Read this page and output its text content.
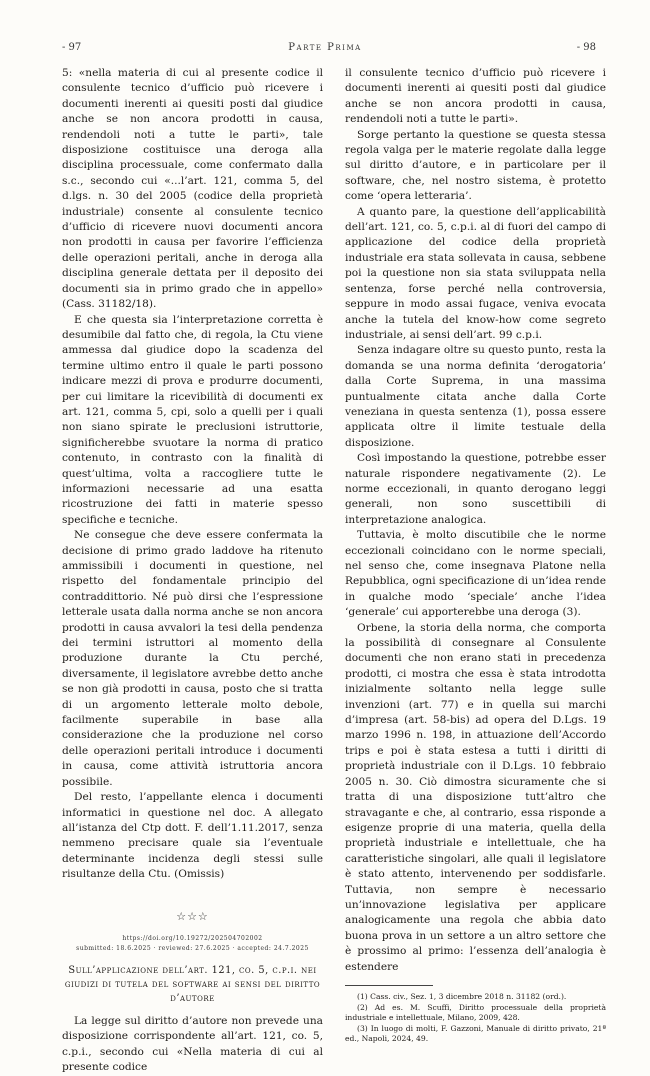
- 97	Parte Prima	- 98

5: «nella materia di cui al presente codice il consulente tecnico d’ufficio può ricevere i documenti inerenti ai quesiti posti dal giudice anche se non ancora prodotti in causa, rendendoli noti a tutte le parti», tale disposizione costituisce una deroga alla disciplina processuale, come confermato dalla s.c., secondo cui «...l’art. 121, comma 5, del d.lgs. n. 30 del 2005 (codice della proprietà industriale) consente al consulente tecnico d’ufficio di ricevere nuovi documenti ancora non prodotti in causa per favorire l’efficienza delle operazioni peritali, anche in deroga alla disciplina generale dettata per il deposito dei documenti sia in primo grado che in appello» (Cass. 31182/18).

E che questa sia l’interpretazione corretta è desumibile dal fatto che, di regola, la Ctu viene ammessa dal giudice dopo la scadenza del termine ultimo entro il quale le parti possono indicare mezzi di prova e produrre documenti, per cui limitare la ricevibilità di documenti ex art. 121, comma 5, cpi, solo a quelli per i quali non siano spirate le preclusioni istruttorie, significherebbe svuotare la norma di pratico contenuto, in contrasto con la finalità di quest’ultima, volta a raccogliere tutte le informazioni necessarie ad una esatta ricostruzione dei fatti in materie spesso specifiche e tecniche.

Ne consegue che deve essere confermata la decisione di primo grado laddove ha ritenuto ammissibili i documenti in questione, nel rispetto del fondamentale principio del contraddittorio. Né può dirsi che l’espressione letterale usata dalla norma anche se non ancora prodotti in causa avvalori la tesi della pendenza dei termini istruttori al momento della produzione durante la Ctu perché, diversamente, il legislatore avrebbe detto anche se non già prodotti in causa, posto che si tratta di un argomento letterale molto debole, facilmente superabile in base alla considerazione che la produzione nel corso delle operazioni peritali introduce i documenti in causa, come attività istruttoria ancora possibile.

Del resto, l’appellante elenca i documenti informatici in questione nel doc. A allegato all’istanza del Ctp dott. F. dell’1.11.2017, senza nemmeno precisare quale sia l’eventuale determinante incidenza degli stessi sulle risultanze della Ctu. (Omissis)

☆☆☆
https://doi.org/10.19272/202504702002
submitted: 18.6.2025 · reviewed: 27.6.2025 · accepted: 24.7.2025
Sull’applicazione dell’art. 121, co. 5, c.p.i. nei giudizi di tutela del software ai sensi del diritto d’autore

La legge sul diritto d’autore non prevede una disposizione corrispondente all’art. 121, co. 5, c.p.i., secondo cui «Nella materia di cui al presente codice

il consulente tecnico d’ufficio può ricevere i documenti inerenti ai quesiti posti dal giudice anche se non ancora prodotti in causa, rendendoli noti a tutte le parti».

Sorge pertanto la questione se questa stessa regola valga per le materie regolate dalla legge sul diritto d’autore, e in particolare per il software, che, nel nostro sistema, è protetto come ‘opera letteraria’.

A quanto pare, la questione dell’applicabilità dell’art. 121, co. 5, c.p.i. al di fuori del campo di applicazione del codice della proprietà industriale era stata sollevata in causa, sebbene poi la questione non sia stata sviluppata nella sentenza, forse perché nella controversia, seppure in modo assai fugace, veniva evocata anche la tutela del know-how come segreto industriale, ai sensi dell’art. 99 c.p.i.

Senza indagare oltre su questo punto, resta la domanda se una norma definita ‘derogatoria’ dalla Corte Suprema, in una massima puntualmente citata anche dalla Corte veneziana in questa sentenza (1), possa essere applicata oltre il limite testuale della disposizione.

Così impostando la questione, potrebbe esser naturale rispondere negativamente (2). Le norme eccezionali, in quanto derogano leggi generali, non sono suscettibili di interpretazione analogica.

Tuttavia, è molto discutibile che le norme eccezionali coincidano con le norme speciali, nel senso che, come insegnava Platone nella Repubblica, ogni specificazione di un’idea rende in qualche modo ‘speciale’ anche l’idea ‘generale’ cui apporterebbe una deroga (3).

Orbene, la storia della norma, che comporta la possibilità di consegnare al Consulente documenti che non erano stati in precedenza prodotti, ci mostra che essa è stata introdotta inizialmente soltanto nella legge sulle invenzioni (art. 77) e in quella sui marchi d’impresa (art. 58-bis) ad opera del D.Lgs. 19 marzo 1996 n. 198, in attuazione dell’Accordo trips e poi è stata estesa a tutti i diritti di proprietà industriale con il D.Lgs. 10 febbraio 2005 n. 30. Ciò dimostra sicuramente che si tratta di una disposizione tutt’altro che stravagante e che, al contrario, essa risponde a esigenze proprie di una materia, quella della proprietà industriale e intellettuale, che ha caratteristiche singolari, alle quali il legislatore è stato attento, intervenendo per soddisfarle. Tuttavia, non sempre è necessario un’innovazione legislativa per applicare analogicamente una regola che abbia dato buona prova in un settore a un altro settore che è prossimo al primo: l’essenza dell’analogia è estendere

(1) Cass. civ., Sez. 1, 3 dicembre 2018 n. 31182 (ord.).

(2) Ad es. M. Scuffi, Diritto processuale della proprietà industriale e intellettuale, Milano, 2009, 428.

(3) In luogo di molti, F. Gazzoni, Manuale di diritto privato, 21ª ed., Napoli, 2024, 49.
